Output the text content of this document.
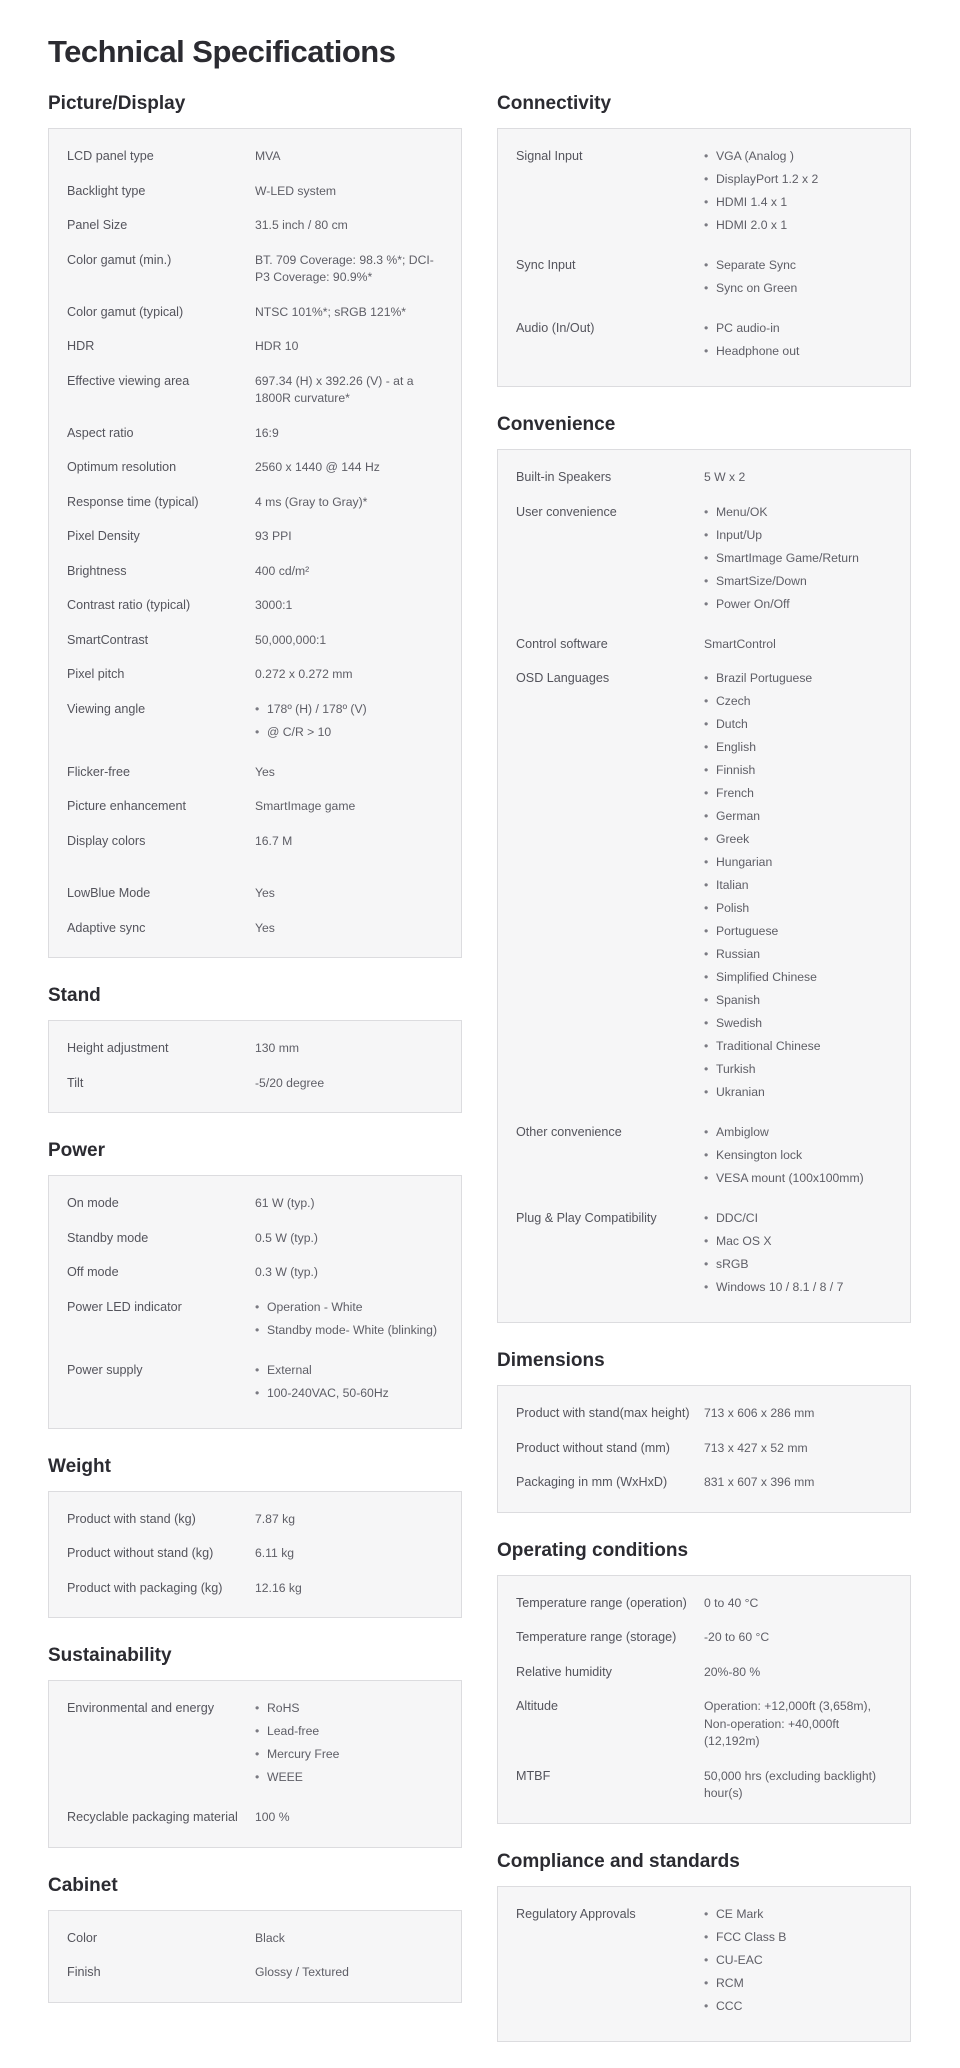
Technical Specifications
Picture/Display
LCD panel type	MVA
Backlight type	W-LED system
Panel Size	31.5 inch / 80 cm
Color gamut (min.)	BT. 709 Coverage: 98.3 %*; DCI-P3 Coverage: 90.9%*
Color gamut (typical)	NTSC 101%*; sRGB 121%*
HDR	HDR 10
Effective viewing area	697.34 (H) x 392.26 (V) - at a 1800R curvature*
Aspect ratio	16:9
Optimum resolution	2560 x 1440 @ 144 Hz
Response time (typical)	4 ms (Gray to Gray)*
Pixel Density	93 PPI
Brightness	400 cd/m²
Contrast ratio (typical)	3000:1
SmartContrast	50,000,000:1
Pixel pitch	0.272 x 0.272 mm
Viewing angle	• 178º (H) / 178º (V)
• @ C/R > 10
Flicker-free	Yes
Picture enhancement	SmartImage game
Display colors	16.7 M
LowBlue Mode	Yes
Adaptive sync	Yes
Stand
Height adjustment	130 mm
Tilt	-5/20 degree
Power
On mode	61 W (typ.)
Standby mode	0.5 W (typ.)
Off mode	0.3 W (typ.)
Power LED indicator	• Operation - White
• Standby mode- White (blinking)
Power supply	• External
• 100-240VAC, 50-60Hz
Weight
Product with stand (kg)	7.87 kg
Product without stand (kg)	6.11 kg
Product with packaging (kg)	12.16 kg
Sustainability
Environmental and energy	• RoHS
• Lead-free
• Mercury Free
• WEEE
Recyclable packaging material	100 %
Cabinet
Color	Black
Finish	Glossy / Textured
Connectivity
Signal Input	• VGA (Analog )
• DisplayPort 1.2 x 2
• HDMI 1.4 x 1
• HDMI 2.0 x 1
Sync Input	• Separate Sync
• Sync on Green
Audio (In/Out)	• PC audio-in
• Headphone out
Convenience
Built-in Speakers	5 W x 2
User convenience	• Menu/OK
• Input/Up
• SmartImage Game/Return
• SmartSize/Down
• Power On/Off
Control software	SmartControl
OSD Languages	• Brazil Portuguese
• Czech
• Dutch
• English
• Finnish
• French
• German
• Greek
• Hungarian
• Italian
• Polish
• Portuguese
• Russian
• Simplified Chinese
• Spanish
• Swedish
• Traditional Chinese
• Turkish
• Ukranian
Other convenience	• Ambiglow
• Kensington lock
• VESA mount (100x100mm)
Plug & Play Compatibility	• DDC/CI
• Mac OS X
• sRGB
• Windows 10 / 8.1 / 8 / 7
Dimensions
Product with stand(max height)	713 x 606 x 286 mm
Product without stand (mm)	713 x 427 x 52 mm
Packaging in mm (WxHxD)	831 x 607 x 396 mm
Operating conditions
Temperature range (operation)	0 to 40 °C
Temperature range (storage)	-20 to 60 °C
Relative humidity	20%-80 %
Altitude	Operation: +12,000ft (3,658m), Non-operation: +40,000ft (12,192m)
MTBF	50,000 hrs (excluding backlight) hour(s)
Compliance and standards
Regulatory Approvals	• CE Mark
• FCC Class B
• CU-EAC
• RCM
• CCC
